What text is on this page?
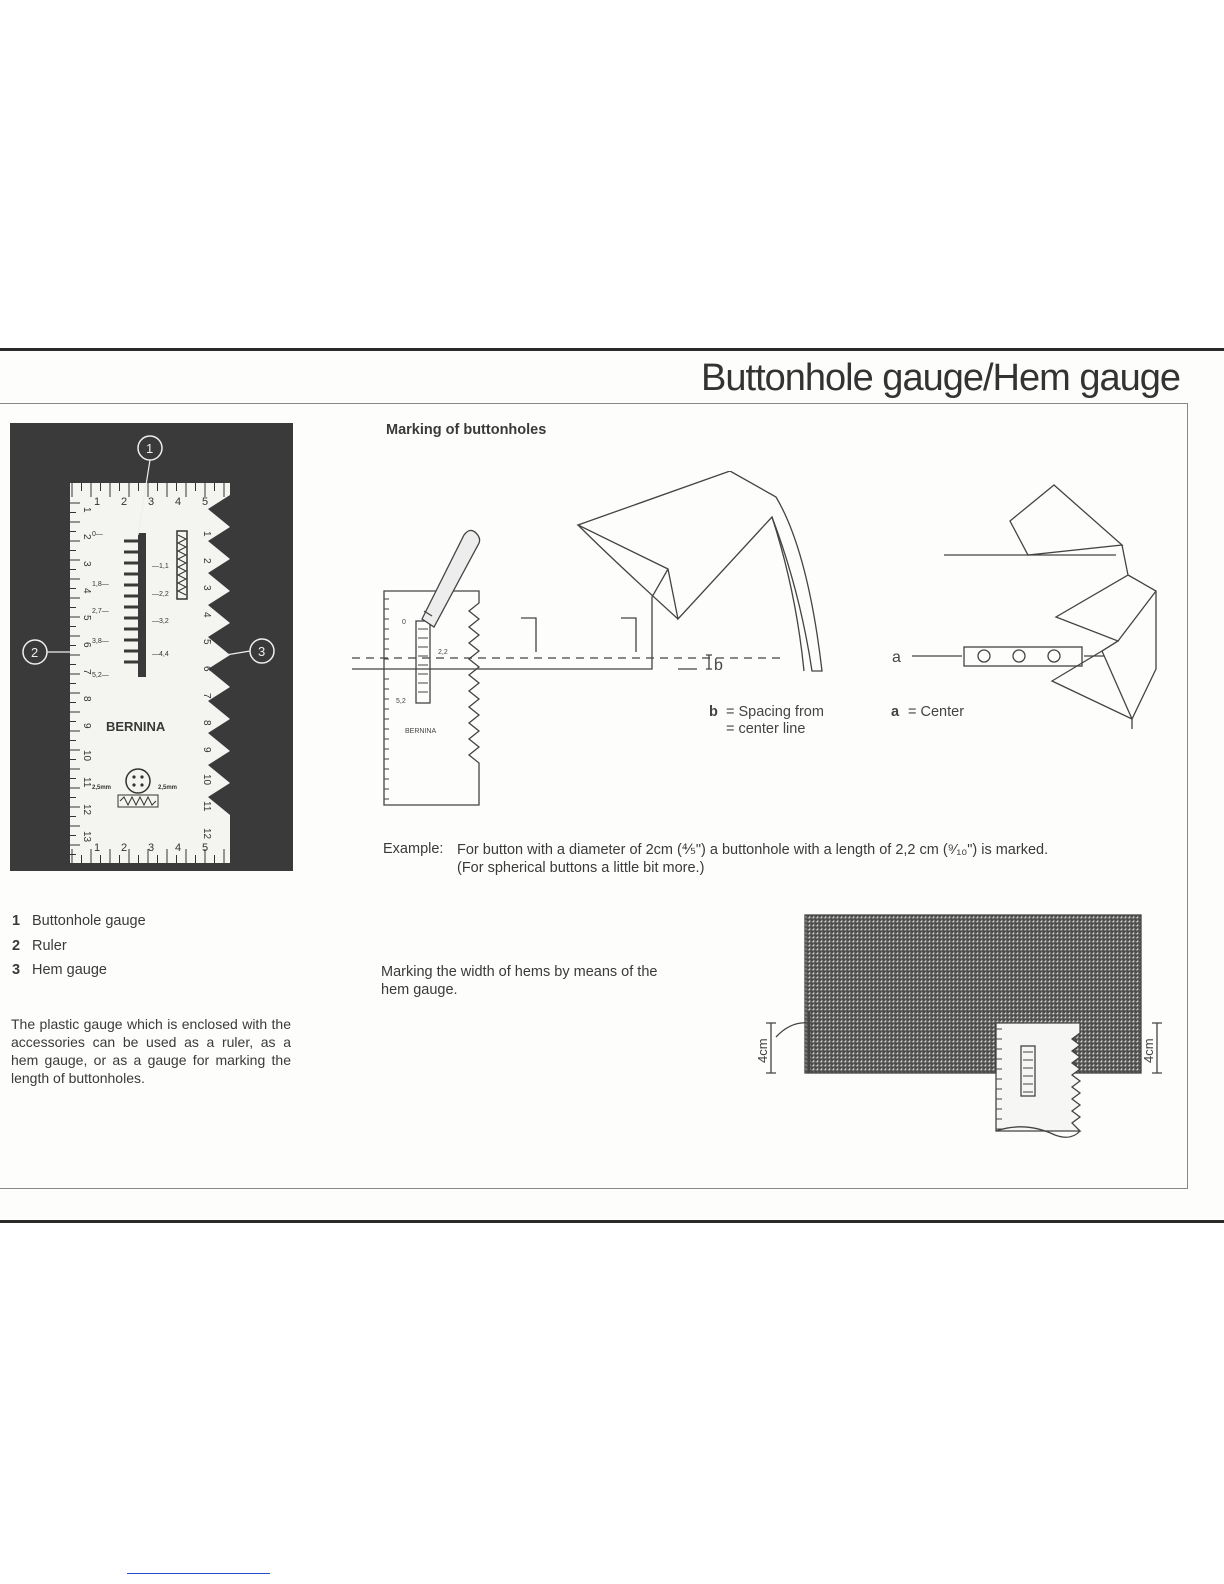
Buttonhole gauge/Hem gauge
1 2 3 4 5
1 2 3 4 5
1
2
3
4
5
6
7
8
9
10
11
12
13
1
2
3
4
5
6
7
8
9
10
11
12
0—
1,8—
2,7—
3,8—
5,2—
—1,1
—2,2
—3,2
—4,4
BERNINA
2,5mm	2,5mm
1
2	3
1 Buttonhole gauge
2 Ruler
3 Hem gauge

The plastic gauge which is enclosed with the accessories can be used as a ruler, as a hem gauge, or as a gauge for marking the length of buttonholes.

Marking of buttonholes
0
2,2
5,2
BERNINA
b	a
b = Spacing from
= center line
a = Center
Example: For button with a diameter of 2cm (⅘") a buttonhole with a length of 2,2 cm (⁹⁄₁₀") is marked.
(For spherical buttons a little bit more.)

Marking the width of hems by means of the hem gauge.

4cm	4cm
